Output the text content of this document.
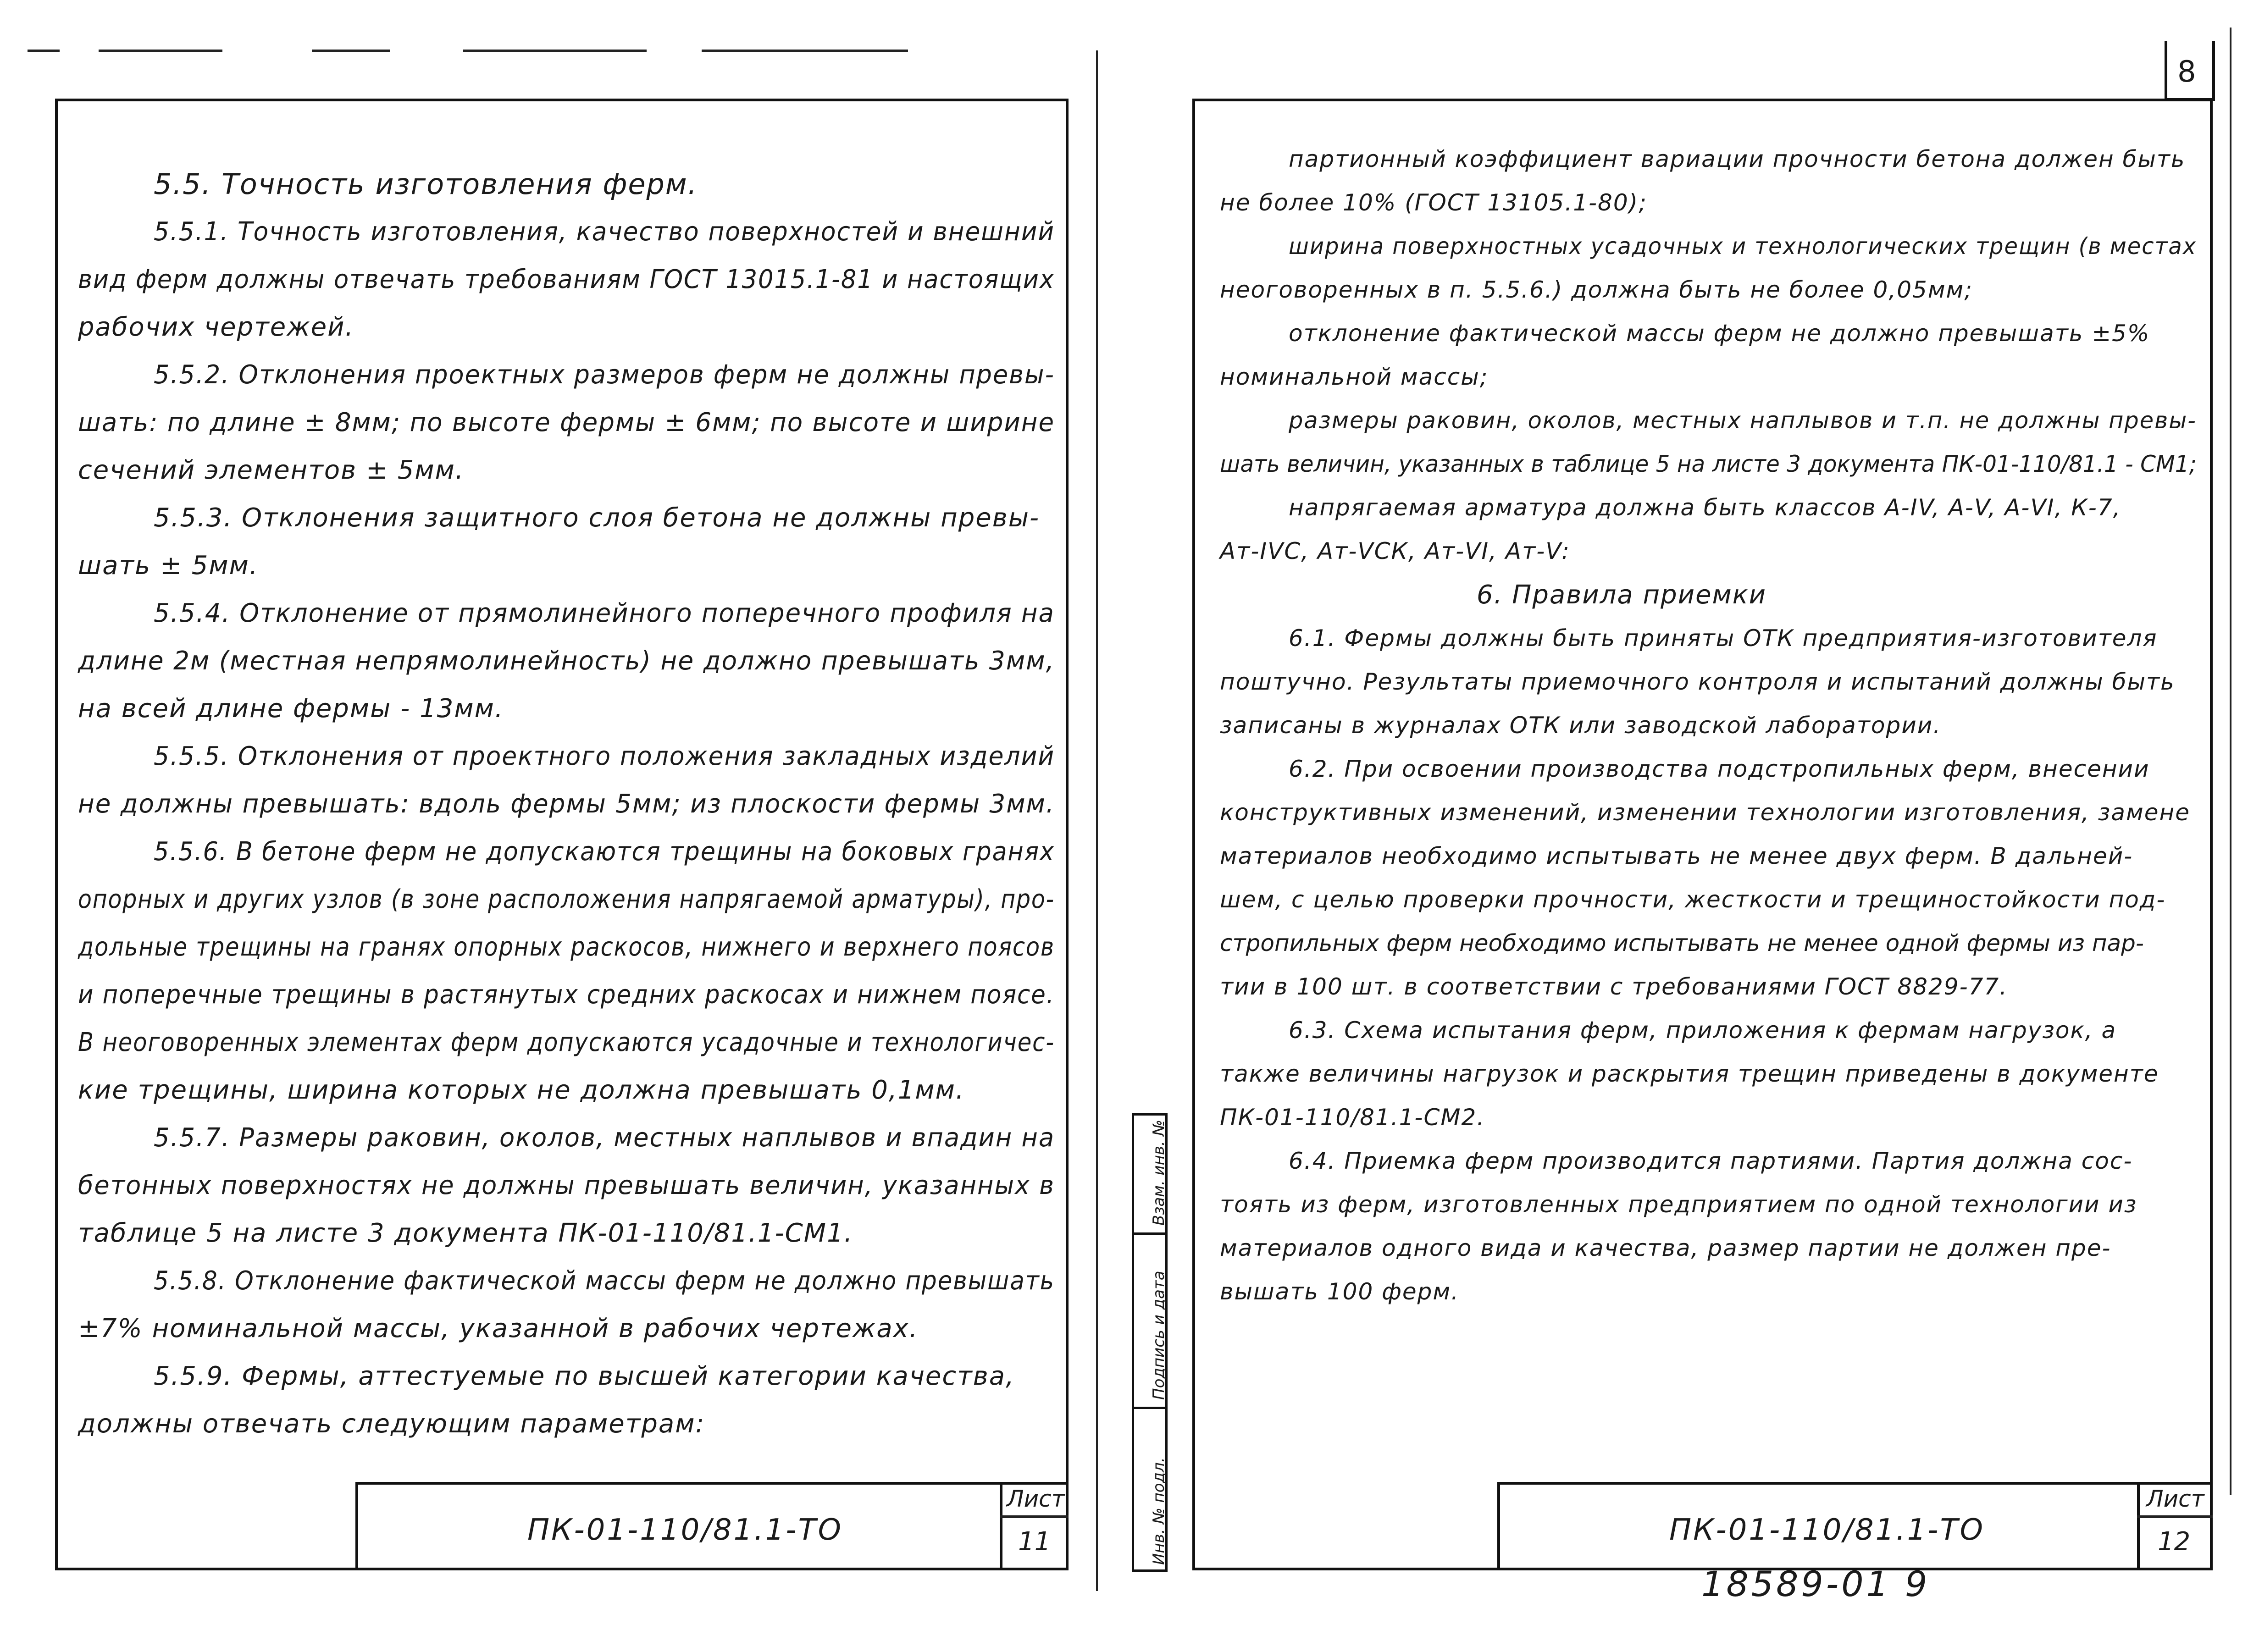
8
5.5. Точность изготовления ферм.
5.5.1. Точность изготовления, качество поверхностей и внешний
вид ферм должны отвечать требованиям ГОСТ 13015.1-81 и настоящих
рабочих чертежей.
5.5.2. Отклонения проектных размеров ферм не должны превы-
шать: по длине ± 8мм; по высоте фермы ± 6мм; по высоте и ширине
сечений элементов ± 5мм.
5.5.3. Отклонения защитного слоя бетона не должны превы-
шать ± 5мм.
5.5.4. Отклонение от прямолинейного поперечного профиля на
длине 2м (местная непрямолинейность) не должно превышать 3мм,
на всей длине фермы - 13мм.
5.5.5. Отклонения от проектного положения закладных изделий
не должны превышать: вдоль фермы 5мм; из плоскости фермы 3мм.
5.5.6. В бетоне ферм не допускаются трещины на боковых гранях
опорных и других узлов (в зоне расположения напрягаемой арматуры), про-
дольные трещины на гранях опорных раскосов, нижнего и верхнего поясов
и поперечные трещины в растянутых средних раскосах и нижнем поясе.
В неоговоренных элементах ферм допускаются усадочные и технологичес-
кие трещины, ширина которых не должна превышать 0,1мм.
5.5.7. Размеры раковин, околов, местных наплывов и впадин на
бетонных поверхностях не должны превышать величин, указанных в
таблице 5 на листе 3 документа ПК-01-110/81.1-СМ1.
5.5.8. Отклонение фактической массы ферм не должно превышать
±7% номинальной массы, указанной в рабочих чертежах.
5.5.9. Фермы, аттестуемые по высшей категории качества,
должны отвечать следующим параметрам:
ПК-01-110/81.1-ТО
Лист
11
Взам. инв. №
Подпись и дата
Инв. № подл.
партионный коэффициент вариации прочности бетона должен быть
не более 10% (ГОСТ 13105.1-80);
ширина поверхностных усадочных и технологических трещин (в местах
неоговоренных в п. 5.5.6.) должна быть не более 0,05мм;
отклонение фактической массы ферм не должно превышать ±5%
номинальной массы;
размеры раковин, околов, местных наплывов и т.п. не должны превы-
шать величин, указанных в таблице 5 на листе 3 документа ПК-01-110/81.1 - СМ1;
напрягаемая арматура должна быть классов А-IV, А-V, А-VI, К-7,
Ат-IVС, Ат-VСК, Ат-VI, Ат-V:
6. Правила приемки
6.1. Фермы должны быть приняты ОТК предприятия-изготовителя
поштучно. Результаты приемочного контроля и испытаний должны быть
записаны в журналах ОТК или заводской лаборатории.
6.2. При освоении производства подстропильных ферм, внесении
конструктивных изменений, изменении технологии изготовления, замене
материалов необходимо испытывать не менее двух ферм. В дальней-
шем, с целью проверки прочности, жесткости и трещиностойкости под-
стропильных ферм необходимо испытывать не менее одной фермы из пар-
тии в 100 шт. в соответствии с требованиями ГОСТ 8829-77.
6.3. Схема испытания ферм, приложения к фермам нагрузок, а
также величины нагрузок и раскрытия трещин приведены в документе
ПК-01-110/81.1-СМ2.
6.4. Приемка ферм производится партиями. Партия должна сос-
тоять из ферм, изготовленных предприятием по одной технологии из
материалов одного вида и качества, размер партии не должен пре-
вышать 100 ферм.
ПК-01-110/81.1-ТО
Лист
12
18589-01 9
